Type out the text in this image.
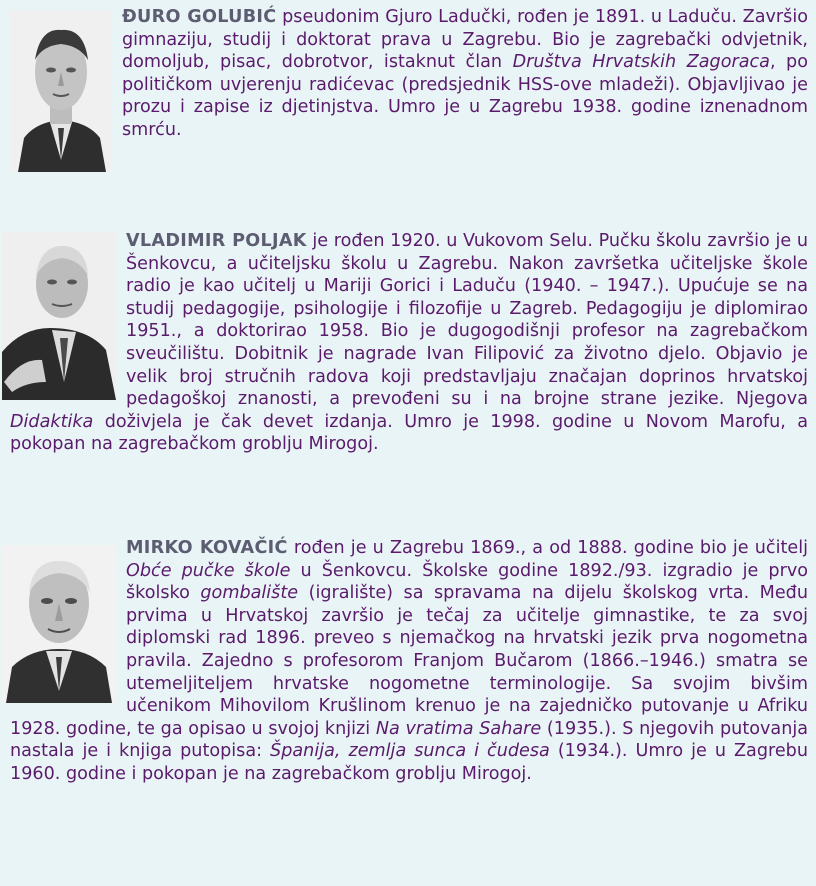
ĐURO GOLUBIĆ pseudonim Gjuro Ladučki, rođen je 1891. u Laduču. Završio gimnaziju, studij i doktorat prava u Zagrebu. Bio je zagrebački odvjetnik, domoljub, pisac, dobrotvor, istaknut član Društva Hrvatskih Zagoraca, po političkom uvjerenju radićevac (predsjednik HSS-ove mladeži). Objavljivao je prozu i zapise iz djetinjstva. Umro je u Zagrebu 1938. godine iznenadnom smrću.

VLADIMIR POLJAK je rođen 1920. u Vukovom Selu. Pučku školu završio je u Šenkovcu, a učiteljsku školu u Zagrebu. Nakon završetka učiteljske škole radio je kao učitelj u Mariji Gorici i Laduču (1940. – 1947.). Upućuje se na studij pedagogije, psihologije i filozofije u Zagreb. Pedagogiju je diplomirao 1951., a doktorirao 1958. Bio je dugogodišnji profesor na zagrebačkom sveučilištu. Dobitnik je nagrade Ivan Filipović za životno djelo. Objavio je velik broj stručnih radova koji predstavljaju značajan doprinos hrvatskoj pedagoškoj znanosti, a prevođeni su i na brojne strane jezike. Njegova Didaktika doživjela je čak devet izdanja. Umro je 1998. godine u Novom Marofu, a pokopan na zagrebačkom groblju Mirogoj.

MIRKO KOVAČIĆ rođen je u Zagrebu 1869., a od 1888. godine bio je učitelj Obće pučke škole u Šenkovcu. Školske godine 1892./93. izgradio je prvo školsko gombalište (igralište) sa spravama na dijelu školskog vrta. Među prvima u Hrvatskoj završio je tečaj za učitelje gimnastike, te za svoj diplomski rad 1896. preveo s njemačkog na hrvatski jezik prva nogometna pravila. Zajedno s profesorom Franjom Bučarom (1866.–1946.) smatra se utemeljiteljem hrvatske nogometne terminologije. Sa svojim bivšim učenikom Mihovilom Krušlinom krenuo je na zajedničko putovanje u Afriku 1928. godine, te ga opisao u svojoj knjizi Na vratima Sahare (1935.). S njegovih putovanja nastala je i knjiga putopisa: Španija, zemlja sunca i čudesa (1934.). Umro je u Zagrebu 1960. godine i pokopan je na zagrebačkom groblju Mirogoj.
